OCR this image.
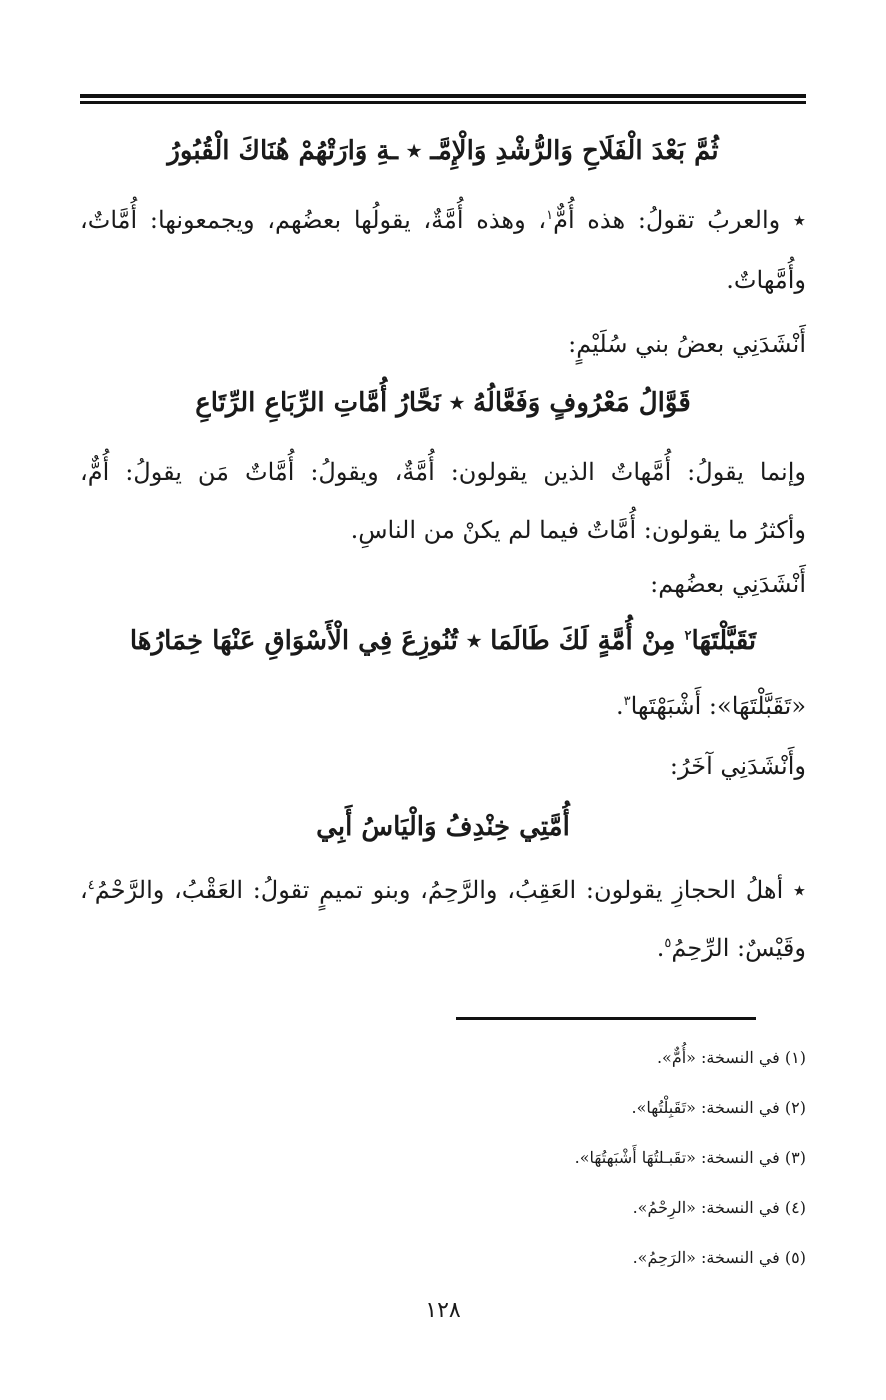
ثُمَّ بَعْدَ الْفَلَاحِ وَالرُّشْدِ وَالْإِمَّـ ٭ ـةِ وَارَتْهُمْ هُنَاكَ الْقُبُورُ
٭ والعربُ تقولُ: هذه أُمٌّ$^١$، وهذه أُمَّةٌ، يقولُها بعضُهم، ويجمعونها: أُمَّاتٌ،
وأُمَّهاتٌ.
أَنْشَدَنِي بعضُ بني سُلَيْمٍ:
قَوَّالُ مَعْرُوفٍ وَفَعَّالُهُ ٭ نَحَّارُ أُمَّاتِ الرِّبَاعِ الرِّتَاعِ
وإنما يقولُ: أُمَّهاتٌ الذين يقولون: أُمَّةٌ، ويقولُ: أُمَّاتٌ مَن يقولُ: أُمٌّ،
وأكثرُ ما يقولون: أُمَّاتٌ فيما لم يكنْ من الناسِ.
أَنْشَدَنِي بعضُهم:
تَقَبَّلْتَهَا$^٢$ مِنْ أُمَّةٍ لَكَ طَالَمَا ٭ تُنُوزِعَ فِي الْأَسْوَاقِ عَنْهَا خِمَارُهَا
«تَقَبَّلْتَهَا»: أَشْبَهْتَها$^٣$.
وأَنْشَدَنِي آخَرُ:
أُمَّتِي خِنْدِفُ وَالْيَاسُ أَبِي
٭ أهلُ الحجازِ يقولون: العَقِبُ، والرَّحِمُ، وبنو تميمٍ تقولُ: العَقْبُ، والرَّحْمُ$^٤$،
وقَيْسٌ: الرِّحِمُ$^٥$.
(١) في النسخة: «أُمٌّ».
(٢) في النسخة: «تَقَبِلْتُها».
(٣) في النسخة: «تقَبـلتُهَا أَشْبَهتُهَا».
(٤) في النسخة: «الرِحْمُ».
(٥) في النسخة: «الرَحِمُ».
١٢٨
